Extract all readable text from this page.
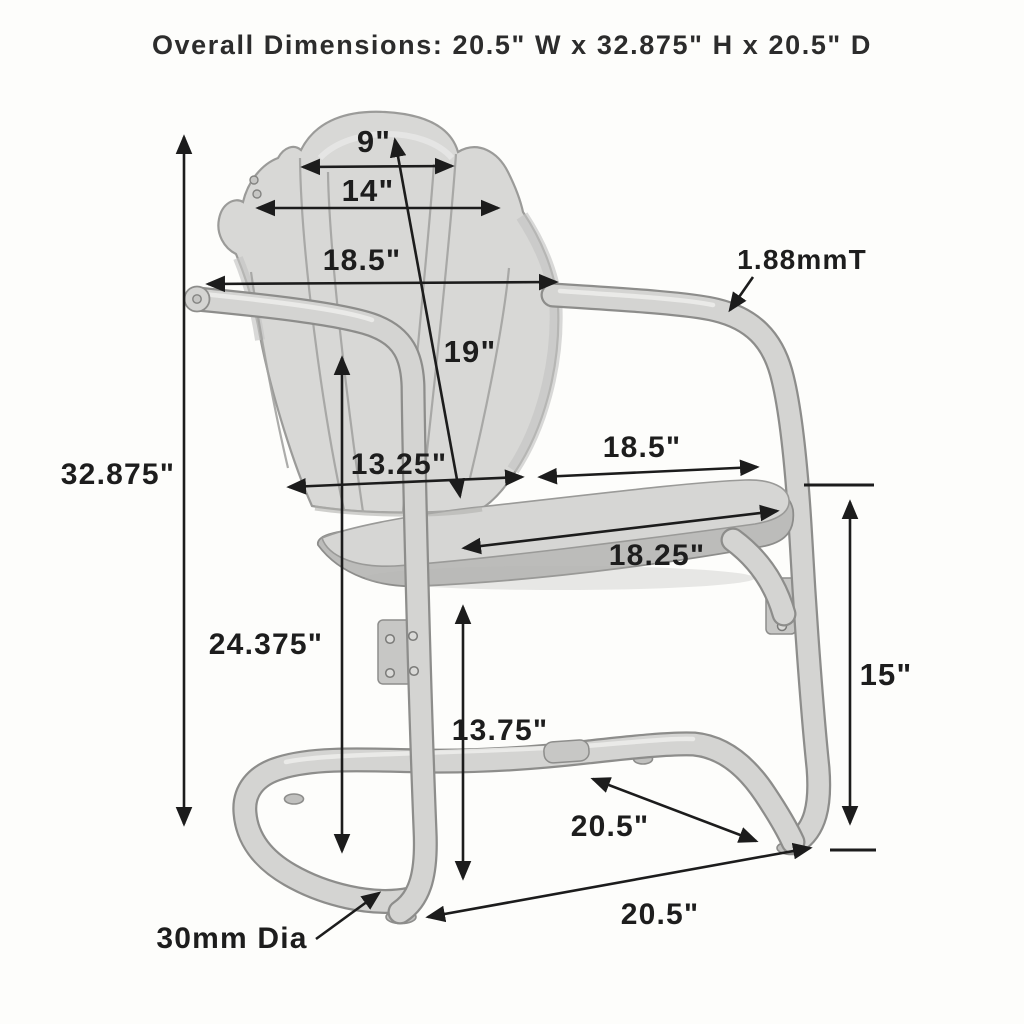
Overall Dimensions: 20.5" W x 32.875" H x 20.5" D
9"
14"
18.5"
19"
1.88mmT
32.875"	13.25"
18.5"
18.25"
24.375"
13.75"
15"
20.5"
20.5"
30mm Dia
